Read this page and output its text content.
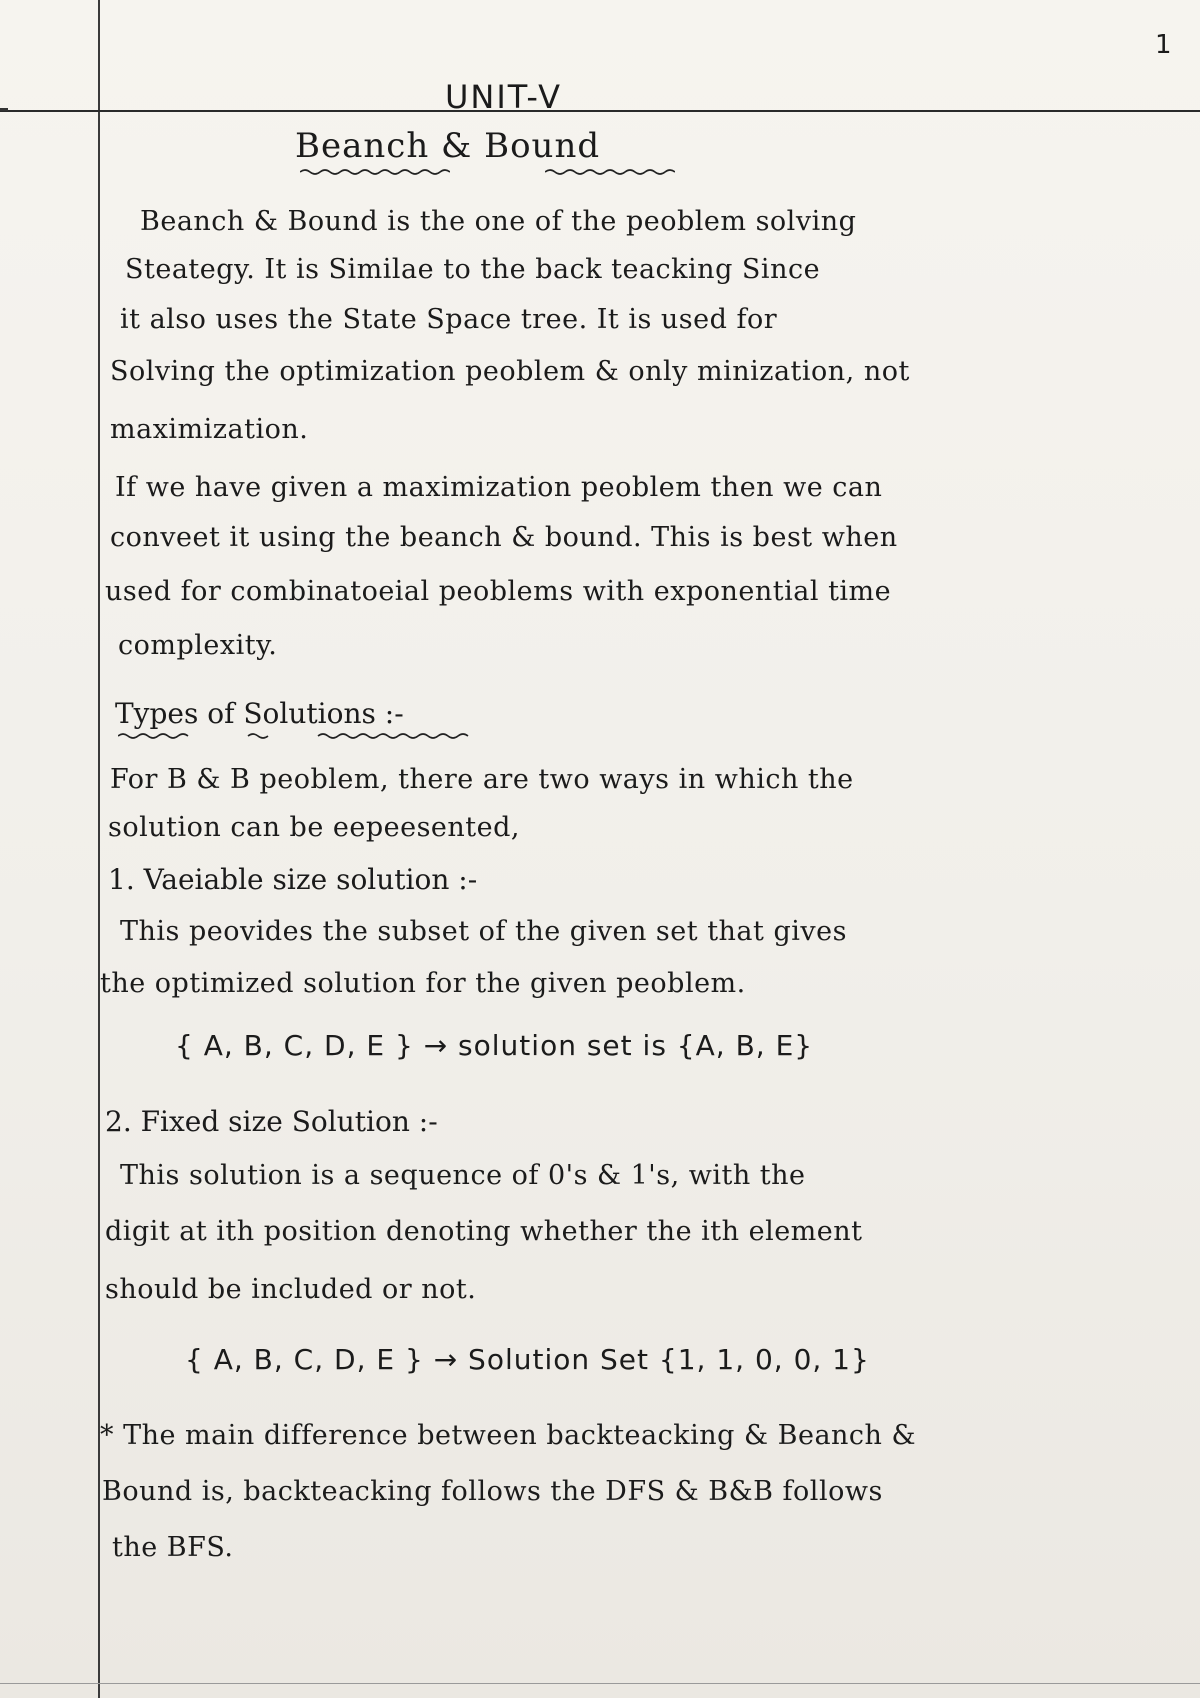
1
UNIT-V
Beanch & Bound
Beanch & Bound is the one of the peoblem solving
Steategy. It is Similae to the back teacking Since
it also uses the State Space tree. It is used for
Solving the optimization peoblem & only minization, not
maximization.
If we have given a maximization peoblem then we can
conveet it using the beanch & bound. This is best when
used for combinatoeial peoblems with exponential time
complexity.
Types of Solutions :-
For B & B peoblem, there are two ways in which the
solution can be eepeesented,
1. Vaeiable size solution :-
This peovides the subset of the given set that gives
the optimized solution for the given peoblem.
{ A, B, C, D, E } → solution set is {A, B, E}
2. Fixed size Solution :-
This solution is a sequence of 0's & 1's, with the
digit at ith position denoting whether the ith element
should be included or not.
{ A, B, C, D, E } → Solution Set {1, 1, 0, 0, 1}
* The main difference between backteacking & Beanch &
Bound is, backteacking follows the DFS & B&B follows
the BFS.
